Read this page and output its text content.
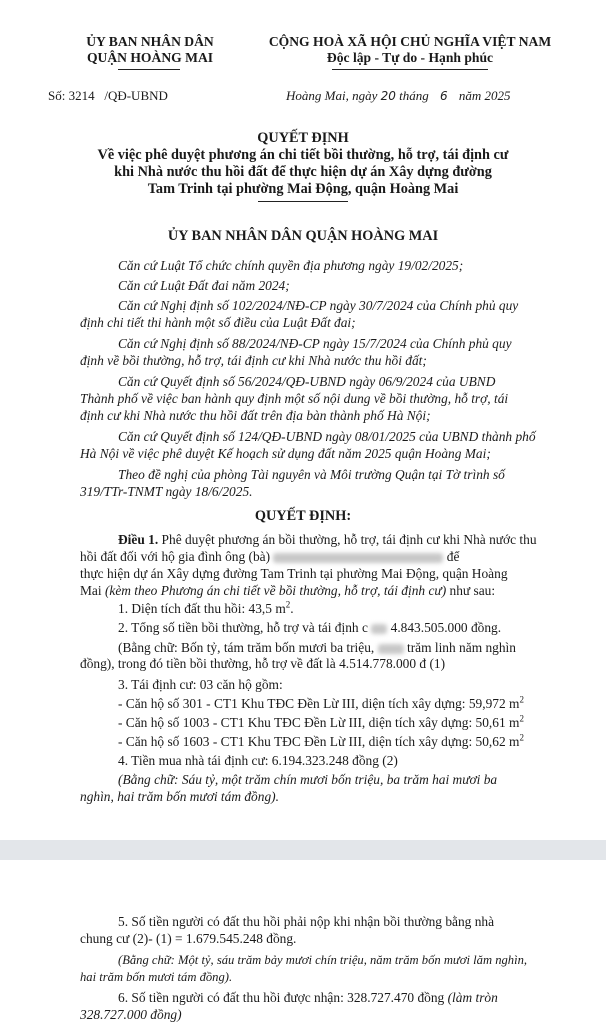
ỦY BAN NHÂN DÂN
QUẬN HOÀNG MAI
CỘNG HOÀ XÃ HỘI CHỦ NGHĨA VIỆT NAM
Độc lập - Tự do - Hạnh phúc
Số: 3214 /QĐ-UBND	Hoàng Mai, ngày 20 tháng 6 năm 2025
QUYẾT ĐỊNH
Về việc phê duyệt phương án chi tiết bồi thường, hỗ trợ, tái định cư
khi Nhà nước thu hồi đất để thực hiện dự án Xây dựng đường
Tam Trinh tại phường Mai Động, quận Hoàng Mai
ỦY BAN NHÂN DÂN QUẬN HOÀNG MAI
Căn cứ Luật Tổ chức chính quyền địa phương ngày 19/02/2025;
Căn cứ Luật Đất đai năm 2024;
Căn cứ Nghị định số 102/2024/NĐ-CP ngày 30/7/2024 của Chính phủ quy
định chi tiết thi hành một số điều của Luật Đất đai;
Căn cứ Nghị định số 88/2024/NĐ-CP ngày 15/7/2024 của Chính phủ quy
định về bồi thường, hỗ trợ, tái định cư khi Nhà nước thu hồi đất;
Căn cứ Quyết định số 56/2024/QĐ-UBND ngày 06/9/2024 của UBND
Thành phố về việc ban hành quy định một số nội dung về bồi thường, hỗ trợ, tái
định cư khi Nhà nước thu hồi đất trên địa bàn thành phố Hà Nội;
Căn cứ Quyết định số 124/QĐ-UBND ngày 08/01/2025 của UBND thành phố
Hà Nội về việc phê duyệt Kế hoạch sử dụng đất năm 2025 quận Hoàng Mai;
Theo đề nghị của phòng Tài nguyên và Môi trường Quận tại Tờ trình số
319/TTr-TNMT ngày 18/6/2025.
QUYẾT ĐỊNH:
Điều 1. Phê duyệt phương án bồi thường, hỗ trợ, tái định cư khi Nhà nước thu
hồi đất đối với hộ gia đình ông (bà)	để
thực hiện dự án Xây dựng đường Tam Trinh tại phường Mai Động, quận Hoàng
Mai (kèm theo Phương án chi tiết về bồi thường, hỗ trợ, tái định cư) như sau:
1. Diện tích đất thu hồi: 43,5 $m^2$.
2. Tổng số tiền bồi thường, hỗ trợ và tái định c 4.843.505.000 đồng.
(Bằng chữ: Bốn tỷ, tám trăm bốn mươi ba triệu, trăm linh năm nghìn
đồng), trong đó tiền bồi thường, hỗ trợ về đất là 4.514.778.000 đ (1)
3. Tái định cư: 03 căn hộ gồm:
- Căn hộ số 301 - CT1 Khu TĐC Đền Lừ III, diện tích xây dựng: 59,972 $m^2$
- Căn hộ số 1003 - CT1 Khu TĐC Đền Lừ III, diện tích xây dựng: 50,61 $m^2$
- Căn hộ số 1603 - CT1 Khu TĐC Đền Lừ III, diện tích xây dựng: 50,62 $m^2$
4. Tiền mua nhà tái định cư: 6.194.323.248 đồng (2)
(Bằng chữ: Sáu tỷ, một trăm chín mươi bốn triệu, ba trăm hai mươi ba
nghìn, hai trăm bốn mươi tám đồng).
5. Số tiền người có đất thu hồi phải nộp khi nhận bồi thường bằng nhà
chung cư (2)- (1) = 1.679.545.248 đồng.
(Bằng chữ: Một tỷ, sáu trăm bảy mươi chín triệu, năm trăm bốn mươi lăm nghìn,
hai trăm bốn mươi tám đồng).
6. Số tiền người có đất thu hồi được nhận: 328.727.470 đồng (làm tròn
328.727.000 đồng)
